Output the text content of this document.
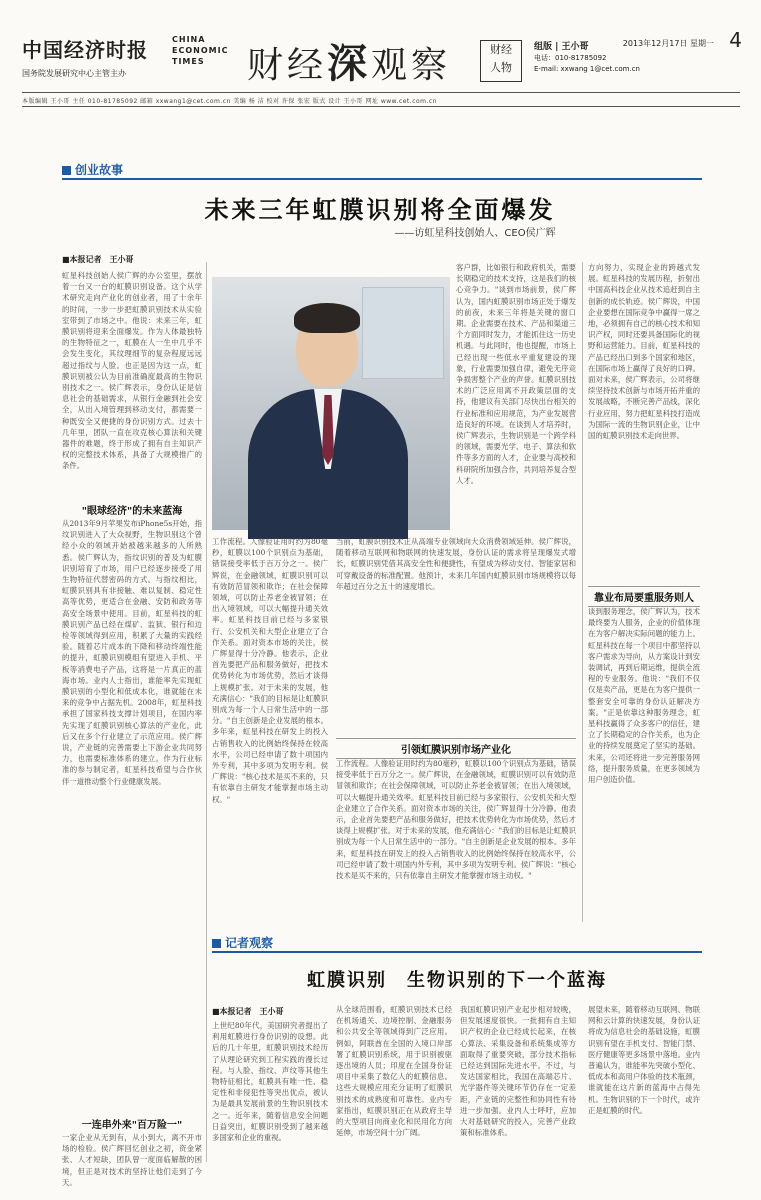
中国经济时报
国务院发展研究中心主管主办
CHINA
ECONOMIC
TIMES	财经深观察	财经
人物
组版 | 王小哥
电话：010-81785092
E-mail: xxwang 1@cet.com.cn
2013年12月17日 星期一 4
本版编辑 王小哥 主任 010-81785092 邮箱 xxwang1@cet.com.cn 美编 杨 洁 校对 许保 张宏 版式 设计 王小哥 网址 www.cet.com.cn
创业故事
未来三年虹膜识别将全面爆发
——访虹星科技创始人、CEO侯广辉
■本报记者　王小哥
虹星科技创始人侯广辉的办公室里，摆放着一台又一台的虹膜识别设备。这个从学术研究走向产业化的创业者，用了十余年的时间，一步一步把虹膜识别技术从实验室带到了市场之中。他说：未来三年，虹膜识别将迎来全面爆发。作为人体最独特的生物特征之一，虹膜在人一生中几乎不会发生变化，其纹理细节的复杂程度远远超过指纹与人脸。也正是因为这一点，虹膜识别被公认为目前准确度最高的生物识别技术之一。侯广辉表示，身份认证是信息社会的基础需求，从银行金融到社会安全，从出入境管理到移动支付，都需要一种既安全又便捷的身份识别方式。过去十几年里，团队一直在攻克核心算法和关键器件的难题，终于形成了拥有自主知识产权的完整技术体系，具备了大规模推广的条件。
"眼球经济"的未来蓝海
从2013年9月苹果发布iPhone5s开始，指纹识别进入了大众视野，生物识别这个曾经小众的领域开始被越来越多的人所熟悉。侯广辉认为，指纹识别的普及为虹膜识别培育了市场，用户已经逐步接受了用生物特征代替密码的方式。与指纹相比，虹膜识别具有非接触、难以复制、稳定性高等优势，更适合在金融、安防和政务等高安全场景中使用。目前，虹星科技的虹膜识别产品已经在煤矿、监狱、银行和边检等领域得到应用，积累了大量的实践经验。随着芯片成本的下降和移动终端性能的提升，虹膜识别模组有望进入手机、平板等消费电子产品，这将是一片真正的蓝海市场。业内人士指出，谁能率先实现虹膜识别的小型化和低成本化，谁就能在未来的竞争中占据先机。2008年，虹星科技承担了国家科技支撑计划项目，在国内率先实现了虹膜识别核心算法的产业化，此后又在多个行业建立了示范应用。侯广辉说，产业链的完善需要上下游企业共同努力，也需要标准体系的建立。作为行业标准的参与制定者，虹星科技希望与合作伙伴一道推动整个行业健康发展。
一连串外来"百万险一"
一家企业从无到有，从小到大，离不开市场的检验。侯广辉回忆创业之初，资金紧张、人才短缺，团队曾一度面临解散的困境，但正是对技术的坚持让他们走到了今天。
工作流程。人像验证用时约为80毫秒，虹膜以100个识别点为基础，错误接受率低于百万分之一。侯广辉说，在金融领域，虹膜识别可以有效防范冒领和欺诈；在社会保障领域，可以防止养老金被冒领；在出入境领域，可以大幅提升通关效率。虹星科技目前已经与多家银行、公安机关和大型企业建立了合作关系。面对资本市场的关注，侯广辉显得十分冷静。他表示，企业首先要把产品和服务做好，把技术优势转化为市场优势，然后才谈得上规模扩张。对于未来的发展，他充满信心："我们的目标是让虹膜识别成为每一个人日常生活中的一部分。"自主创新是企业发展的根本。多年来，虹星科技在研发上的投入占销售收入的比例始终保持在较高水平，公司已经申请了数十项国内外专利，其中多项为发明专利。侯广辉说："核心技术是买不来的，只有依靠自主研发才能掌握市场主动权。"
客户群，比如银行和政府机关，需要长期稳定的技术支持，这是我们的核心竞争力。"谈到市场前景，侯广辉认为，国内虹膜识别市场正处于爆发的前夜，未来三年将是关键的窗口期。企业需要在技术、产品和渠道三个方面同时发力，才能抓住这一历史机遇。与此同时，他也提醒，市场上已经出现一些低水平重复建设的现象，行业需要加强自律，避免无序竞争损害整个产业的声誉。虹膜识别技术的广泛应用离不开政策层面的支持，他建议有关部门尽快出台相关的行业标准和应用规范，为产业发展营造良好的环境。在谈到人才培养时，侯广辉表示，生物识别是一个跨学科的领域，需要光学、电子、算法和软件等多方面的人才，企业要与高校和科研院所加强合作，共同培养复合型人才。
当前，虹膜识别技术正从高端专业领域向大众消费领域延伸。侯广辉说，随着移动互联网和物联网的快速发展，身份认证的需求将呈现爆发式增长，虹膜识别凭借其高安全性和便捷性，有望成为移动支付、智能家居和可穿戴设备的标准配置。他预计，未来几年国内虹膜识别市场规模将以每年超过百分之五十的速度增长。
引领虹膜识别市场产业化
工作流程。人像验证用时约为80毫秒，虹膜以100个识别点为基础，错误接受率低于百万分之一。侯广辉说，在金融领域，虹膜识别可以有效防范冒领和欺诈；在社会保障领域，可以防止养老金被冒领；在出入境领域，可以大幅提升通关效率。虹星科技目前已经与多家银行、公安机关和大型企业建立了合作关系。面对资本市场的关注，侯广辉显得十分冷静。他表示，企业首先要把产品和服务做好，把技术优势转化为市场优势，然后才谈得上规模扩张。对于未来的发展，他充满信心："我们的目标是让虹膜识别成为每一个人日常生活中的一部分。"自主创新是企业发展的根本。多年来，虹星科技在研发上的投入占销售收入的比例始终保持在较高水平，公司已经申请了数十项国内外专利，其中多项为发明专利。侯广辉说："核心技术是买不来的，只有依靠自主研发才能掌握市场主动权。"
方向努力，实现企业的跨越式发展。虹星科技的发展历程，折射出中国高科技企业从技术追赶到自主创新的成长轨迹。侯广辉说，中国企业要想在国际竞争中赢得一席之地，必须拥有自己的核心技术和知识产权，同时还要具备国际化的视野和运营能力。目前，虹星科技的产品已经出口到多个国家和地区，在国际市场上赢得了良好的口碑。面对未来，侯广辉表示，公司将继续坚持技术创新与市场开拓并重的发展战略，不断完善产品线，深化行业应用，努力把虹星科技打造成为国际一流的生物识别企业，让中国的虹膜识别技术走向世界。
靠业布局要重服务则人
谈到服务理念，侯广辉认为，技术最终要为人服务，企业的价值体现在为客户解决实际问题的能力上。虹星科技在每一个项目中都坚持以客户需求为导向，从方案设计到安装调试，再到后期运维，提供全流程的专业服务。他说："我们不仅仅是卖产品，更是在为客户提供一整套安全可靠的身份认证解决方案。"正是依靠这种服务理念，虹星科技赢得了众多客户的信任，建立了长期稳定的合作关系，也为企业的持续发展奠定了坚实的基础。未来，公司还将进一步完善服务网络，提升服务质量，在更多领域为用户创造价值。
记者观察
虹膜识别　生物识别的下一个蓝海
■本报记者　王小哥
上世纪80年代，美国研究者提出了利用虹膜进行身份识别的设想。此后的几十年里，虹膜识别技术经历了从理论研究到工程实践的漫长过程。与人脸、指纹、声纹等其他生物特征相比，虹膜具有唯一性、稳定性和非侵犯性等突出优点，被认为是最具发展前景的生物识别技术之一。近年来，随着信息安全问题日益突出，虹膜识别受到了越来越多国家和企业的重视。
从全球范围看，虹膜识别技术已经在机场通关、边境控制、金融服务和公共安全等领域得到广泛应用。例如，阿联酋在全国的入境口岸部署了虹膜识别系统，用于识别被驱逐出境的人员；印度在全国身份证项目中采集了数亿人的虹膜信息。这些大规模应用充分证明了虹膜识别技术的成熟度和可靠性。业内专家指出，虹膜识别正在从政府主导的大型项目向商业化和民用化方向延伸，市场空间十分广阔。
我国虹膜识别产业起步相对较晚，但发展速度很快。一批拥有自主知识产权的企业已经成长起来，在核心算法、采集设备和系统集成等方面取得了重要突破，部分技术指标已经达到国际先进水平。不过，与发达国家相比，我国在高端芯片、光学器件等关键环节仍存在一定差距，产业链的完整性和协同性有待进一步加强。业内人士呼吁，应加大对基础研究的投入，完善产业政策和标准体系。
展望未来，随着移动互联网、物联网和云计算的快速发展，身份认证将成为信息社会的基础设施，虹膜识别有望在手机支付、智能门禁、医疗健康等更多场景中落地。业内普遍认为，谁能率先突破小型化、低成本和高用户体验的技术瓶颈，谁就能在这片新的蓝海中占得先机。生物识别的下一个时代，或许正是虹膜的时代。
